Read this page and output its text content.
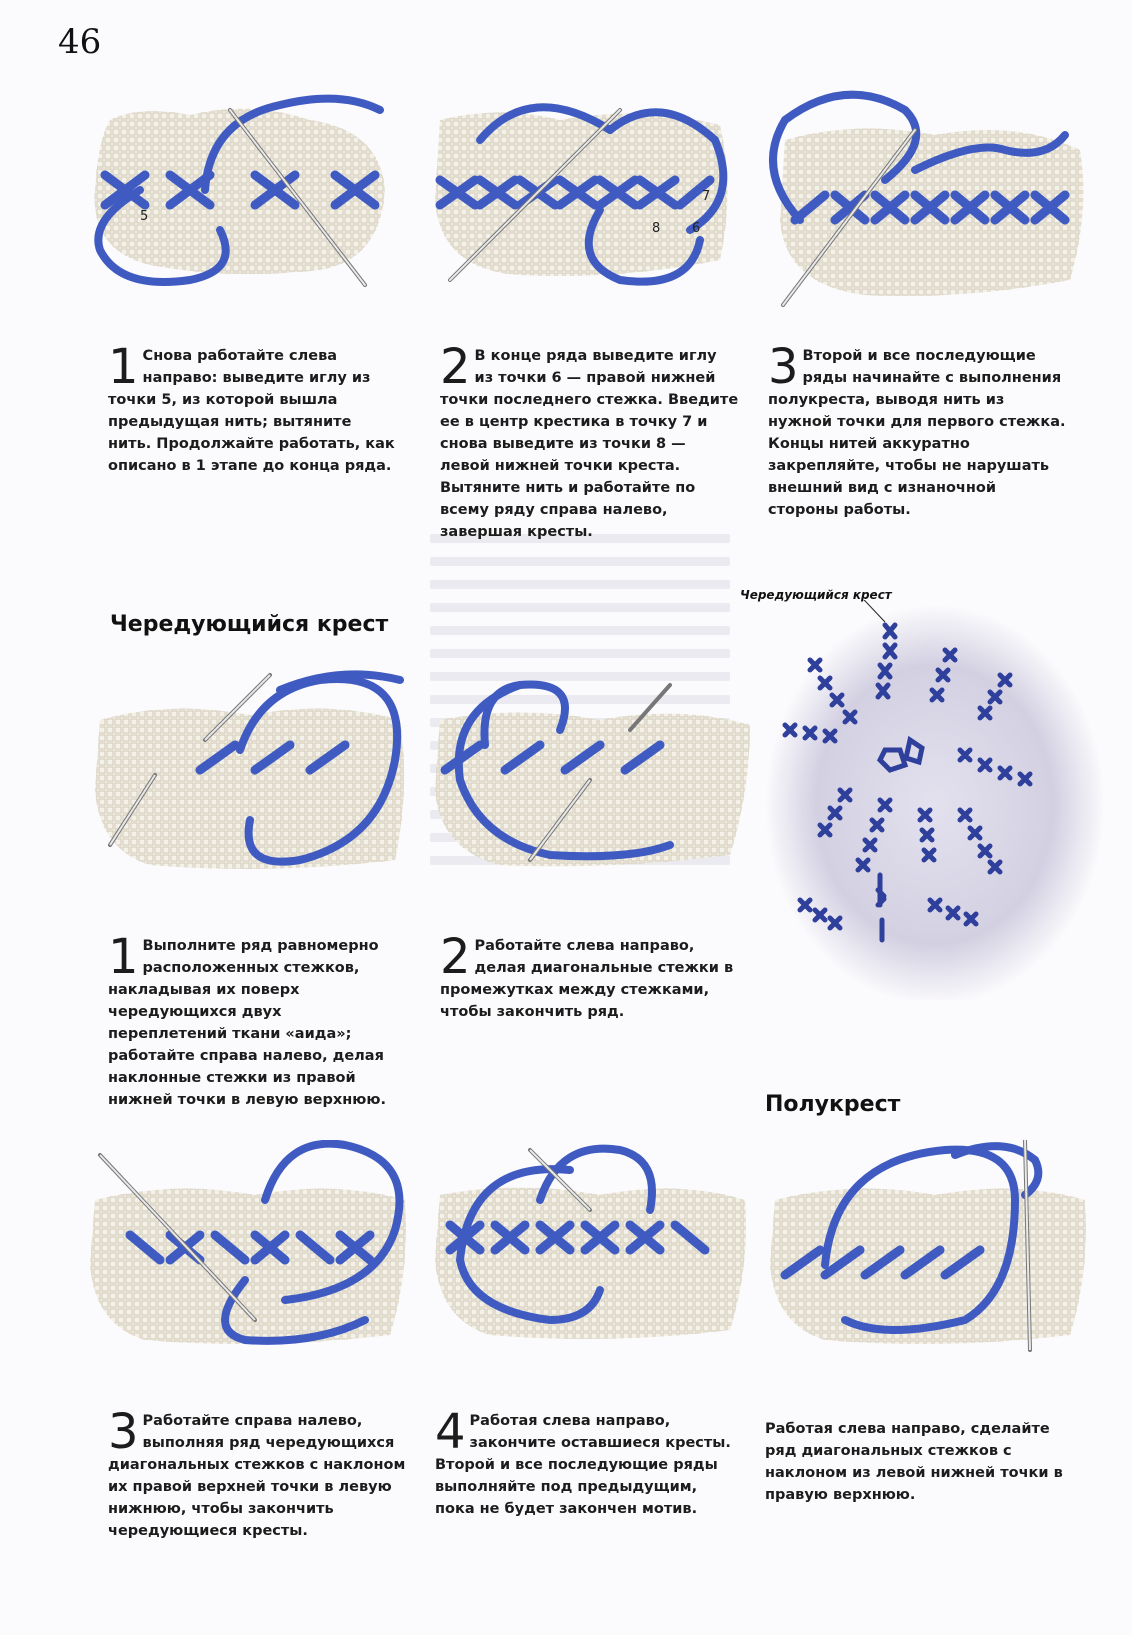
46
5
7
8 6
1 Снова работайте слева направо: выведите иглу из точки 5, из которой вышла предыдущая нить; вытяните нить. Продолжайте работать, как описано в 1 этапе до конца ряда.
2 В конце ряда выведите иглу из точки 6 — правой нижней точки последнего стежка. Введите ее в центр крестика в точку 7 и снова выведите из точки 8 — левой нижней точки креста. Вытяните нить и работайте по всему ряду справа налево, завершая кресты.
3 Второй и все последующие ряды начинайте с выполнения полукреста, выводя нить из нужной точки для первого стежка. Концы нитей аккуратно закрепляйте, чтобы не нарушать внешний вид с изнаночной стороны работы.
Чередующийся крест
Чередующийся крест
1 Выполните ряд равномерно расположенных стежков, накладывая их поверх чередующихся двух переплетений ткани «аида»; работайте справа налево, делая наклонные стежки из правой нижней точки в левую верхнюю.
2 Работайте слева направо, делая диагональные стежки в промежутках между стежками, чтобы закончить ряд.
Полукрест
3 Работайте справа налево, выполняя ряд чередующихся диагональных стежков с наклоном их правой верхней точки в левую нижнюю, чтобы закончить чередующиеся кресты.
4 Работая слева направо, закончите оставшиеся кресты. Второй и все последующие ряды выполняйте под предыдущим, пока не будет закончен мотив.
Работая слева направо, сделайте ряд диагональных стежков с наклоном из левой нижней точки в правую верхнюю.
